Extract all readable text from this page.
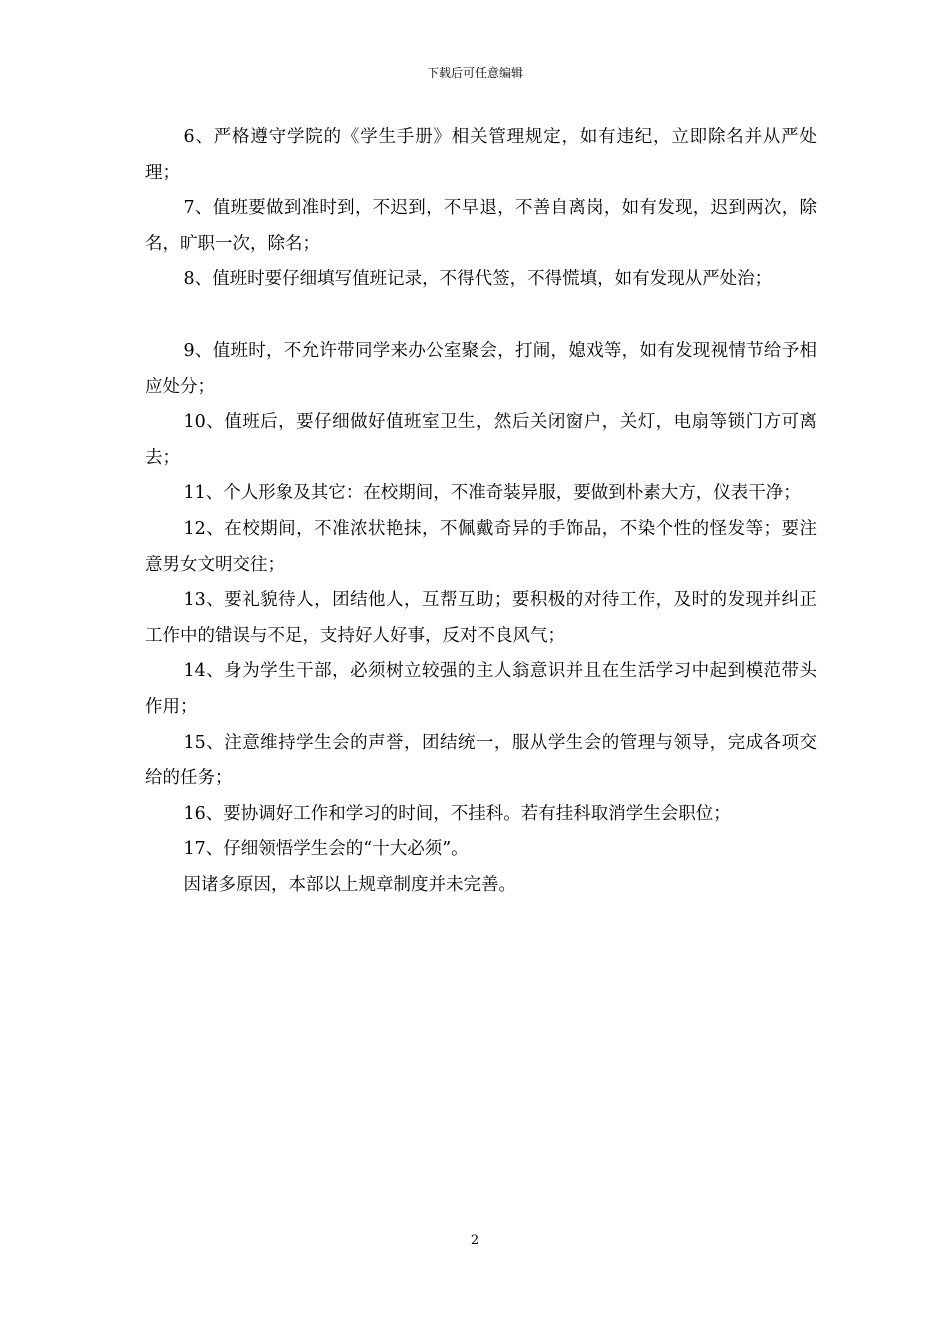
下载后可任意编辑

6、严格遵守学院的《学生手册》相关管理规定，如有违纪，立即除名并从严处理；

7、值班要做到准时到，不迟到，不早退，不善自离岗，如有发现，迟到两次，除名，旷职一次，除名；

8、值班时要仔细填写值班记录，不得代签，不得慌填，如有发现从严处治；

9、值班时，不允许带同学来办公室聚会，打闹，媳戏等，如有发现视情节给予相应处分；

10、值班后，要仔细做好值班室卫生，然后关闭窗户，关灯，电扇等锁门方可离去；

11、个人形象及其它：在校期间，不准奇装异服，要做到朴素大方，仪表干净；

12、在校期间，不准浓状艳抹，不佩戴奇异的手饰品，不染个性的怪发等；要注意男女文明交往；

13、要礼貌待人，团结他人，互帮互助；要积极的对待工作，及时的发现并纠正工作中的错误与不足，支持好人好事，反对不良风气；

14、身为学生干部，必须树立较强的主人翁意识并且在生活学习中起到模范带头作用；

15、注意维持学生会的声誉，团结统一，服从学生会的管理与领导，完成各项交给的任务；

16、要协调好工作和学习的时间，不挂科。若有挂科取消学生会职位；

17、仔细领悟学生会的“十大必须”。

因诸多原因，本部以上规章制度并未完善。

2
